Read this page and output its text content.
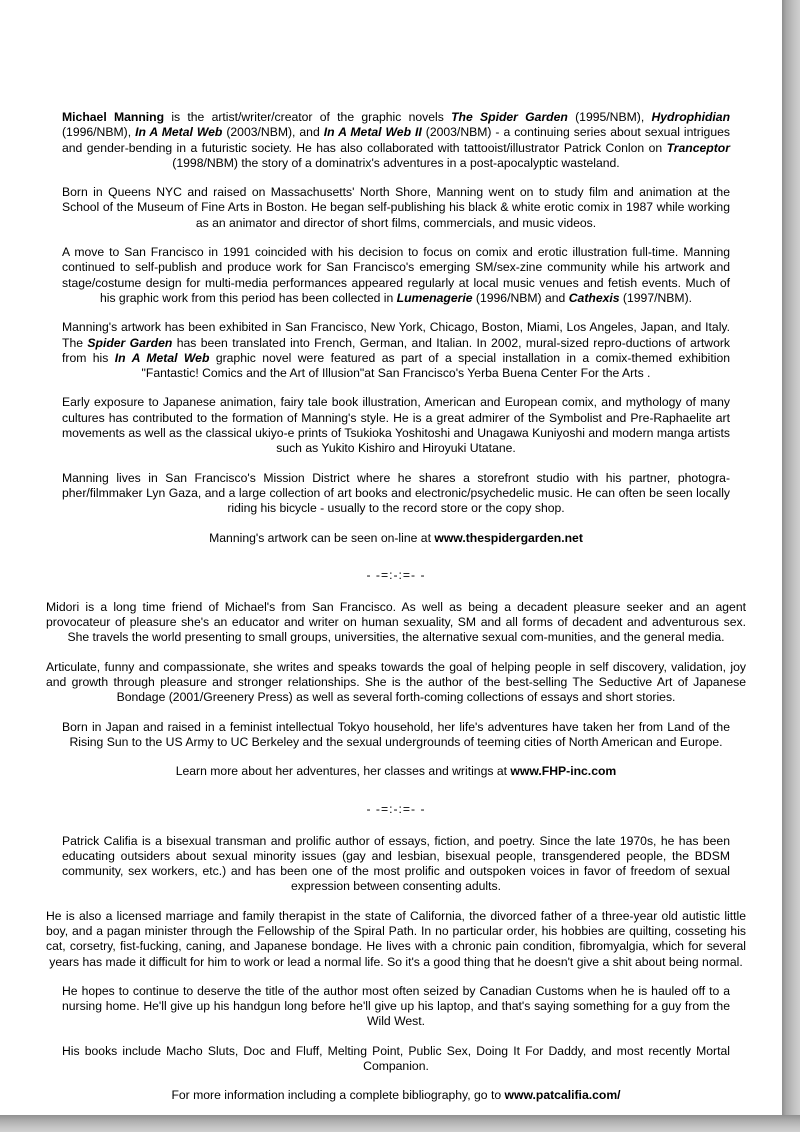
Michael Manning is the artist/writer/creator of the graphic novels The Spider Garden (1995/NBM), Hydrophidian (1996/NBM), In A Metal Web (2003/NBM), and In A Metal Web II (2003/NBM) - a continuing series about sexual intrigues and gender-bending in a futuristic society. He has also collaborated with tattooist/illustrator Patrick Conlon on Tranceptor (1998/NBM) the story of a dominatrix's adventures in a post-apocalyptic wasteland.

Born in Queens NYC and raised on Massachusetts' North Shore, Manning went on to study film and animation at the School of the Museum of Fine Arts in Boston. He began self-publishing his black & white erotic comix in 1987 while working as an animator and director of short films, commercials, and music videos.

A move to San Francisco in 1991 coincided with his decision to focus on comix and erotic illustration full-time. Manning continued to self-publish and produce work for San Francisco's emerging SM/sex-zine community while his artwork and stage/costume design for multi-media performances appeared regularly at local music venues and fetish events. Much of his graphic work from this period has been collected in Lumenagerie (1996/NBM) and Cathexis (1997/NBM).

Manning's artwork has been exhibited in San Francisco, New York, Chicago, Boston, Miami, Los Angeles, Japan, and Italy. The Spider Garden has been translated into French, German, and Italian. In 2002, mural-sized repro-ductions of artwork from his In A Metal Web graphic novel were featured as part of a special installation in a comix-themed exhibition "Fantastic! Comics and the Art of Illusion"at San Francisco's Yerba Buena Center For the Arts .

Early exposure to Japanese animation, fairy tale book illustration, American and European comix, and mythology of many cultures has contributed to the formation of Manning's style. He is a great admirer of the Symbolist and Pre-Raphaelite art movements as well as the classical ukiyo-e prints of Tsukioka Yoshitoshi and Unagawa Kuniyoshi and modern manga artists such as Yukito Kishiro and Hiroyuki Utatane.

Manning lives in San Francisco's Mission District where he shares a storefront studio with his partner, photogra-pher/filmmaker Lyn Gaza, and a large collection of art books and electronic/psychedelic music. He can often be seen locally riding his bicycle - usually to the record store or the copy shop.

Manning's artwork can be seen on-line at www.thespidergarden.net

- -=:-:=- -

Midori is a long time friend of Michael's from San Francisco. As well as being a decadent pleasure seeker and an agent provocateur of pleasure she's an educator and writer on human sexuality, SM and all forms of decadent and adventurous sex. She travels the world presenting to small groups, universities, the alternative sexual com-munities, and the general media.

Articulate, funny and compassionate, she writes and speaks towards the goal of helping people in self discovery, validation, joy and growth through pleasure and stronger relationships. She is the author of the best-selling The Seductive Art of Japanese Bondage (2001/Greenery Press) as well as several forth-coming collections of essays and short stories.

Born in Japan and raised in a feminist intellectual Tokyo household, her life's adventures have taken her from Land of the Rising Sun to the US Army to UC Berkeley and the sexual undergrounds of teeming cities of North American and Europe.

Learn more about her adventures, her classes and writings at www.FHP-inc.com

- -=:-:=- -

Patrick Califia is a bisexual transman and prolific author of essays, fiction, and poetry. Since the late 1970s, he has been educating outsiders about sexual minority issues (gay and lesbian, bisexual people, transgendered people, the BDSM community, sex workers, etc.) and has been one of the most prolific and outspoken voices in favor of freedom of sexual expression between consenting adults.

He is also a licensed marriage and family therapist in the state of California, the divorced father of a three-year old autistic little boy, and a pagan minister through the Fellowship of the Spiral Path. In no particular order, his hobbies are quilting, cosseting his cat, corsetry, fist-fucking, caning, and Japanese bondage. He lives with a chronic pain condition, fibromyalgia, which for several years has made it difficult for him to work or lead a normal life. So it's a good thing that he doesn't give a shit about being normal.

He hopes to continue to deserve the title of the author most often seized by Canadian Customs when he is hauled off to a nursing home. He'll give up his handgun long before he'll give up his laptop, and that's saying something for a guy from the Wild West.

His books include Macho Sluts, Doc and Fluff, Melting Point, Public Sex, Doing It For Daddy, and most recently Mortal Companion.

For more information including a complete bibliography, go to www.patcalifia.com/
